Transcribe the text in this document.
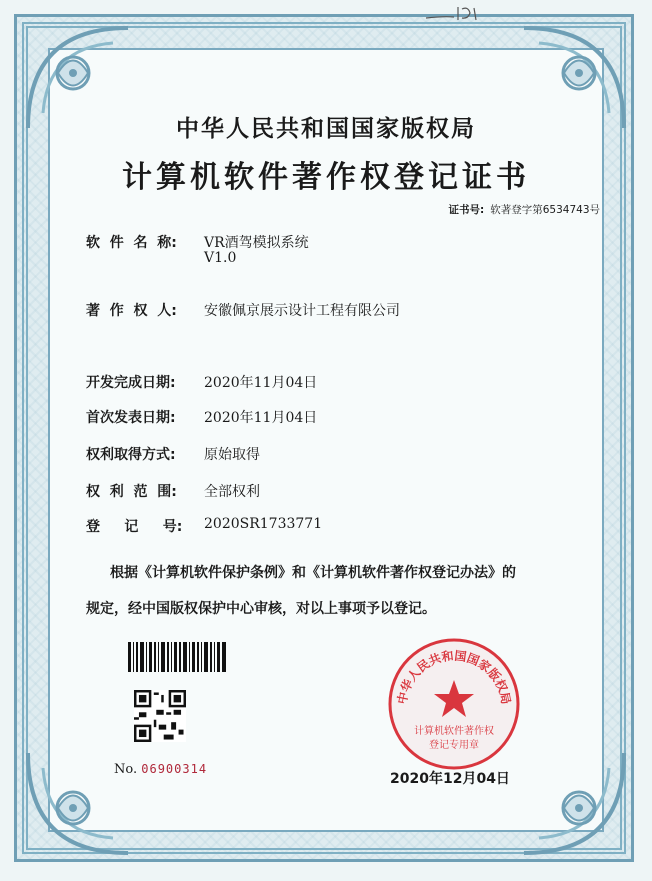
中华人民共和国国家版权局
计算机软件著作权登记证书
证书号: 软著登字第6534743号
软  件  名  称: VR酒驾模拟系统
V1.0
著  作  权  人: 安徽佩京展示设计工程有限公司
开发完成日期: 2020年11月04日
首次发表日期: 2020年11月04日
权利取得方式: 原始取得
权  利  范  围: 全部权利
登     记     号: 2020SR1733771
根据《计算机软件保护条例》和《计算机软件著作权登记办法》的
规定，经中国版权保护中心审核，对以上事项予以登记。
No. 06900314
中华人民共和国国家版权局
计算机软件著作权
登记专用章
2020年12月04日
